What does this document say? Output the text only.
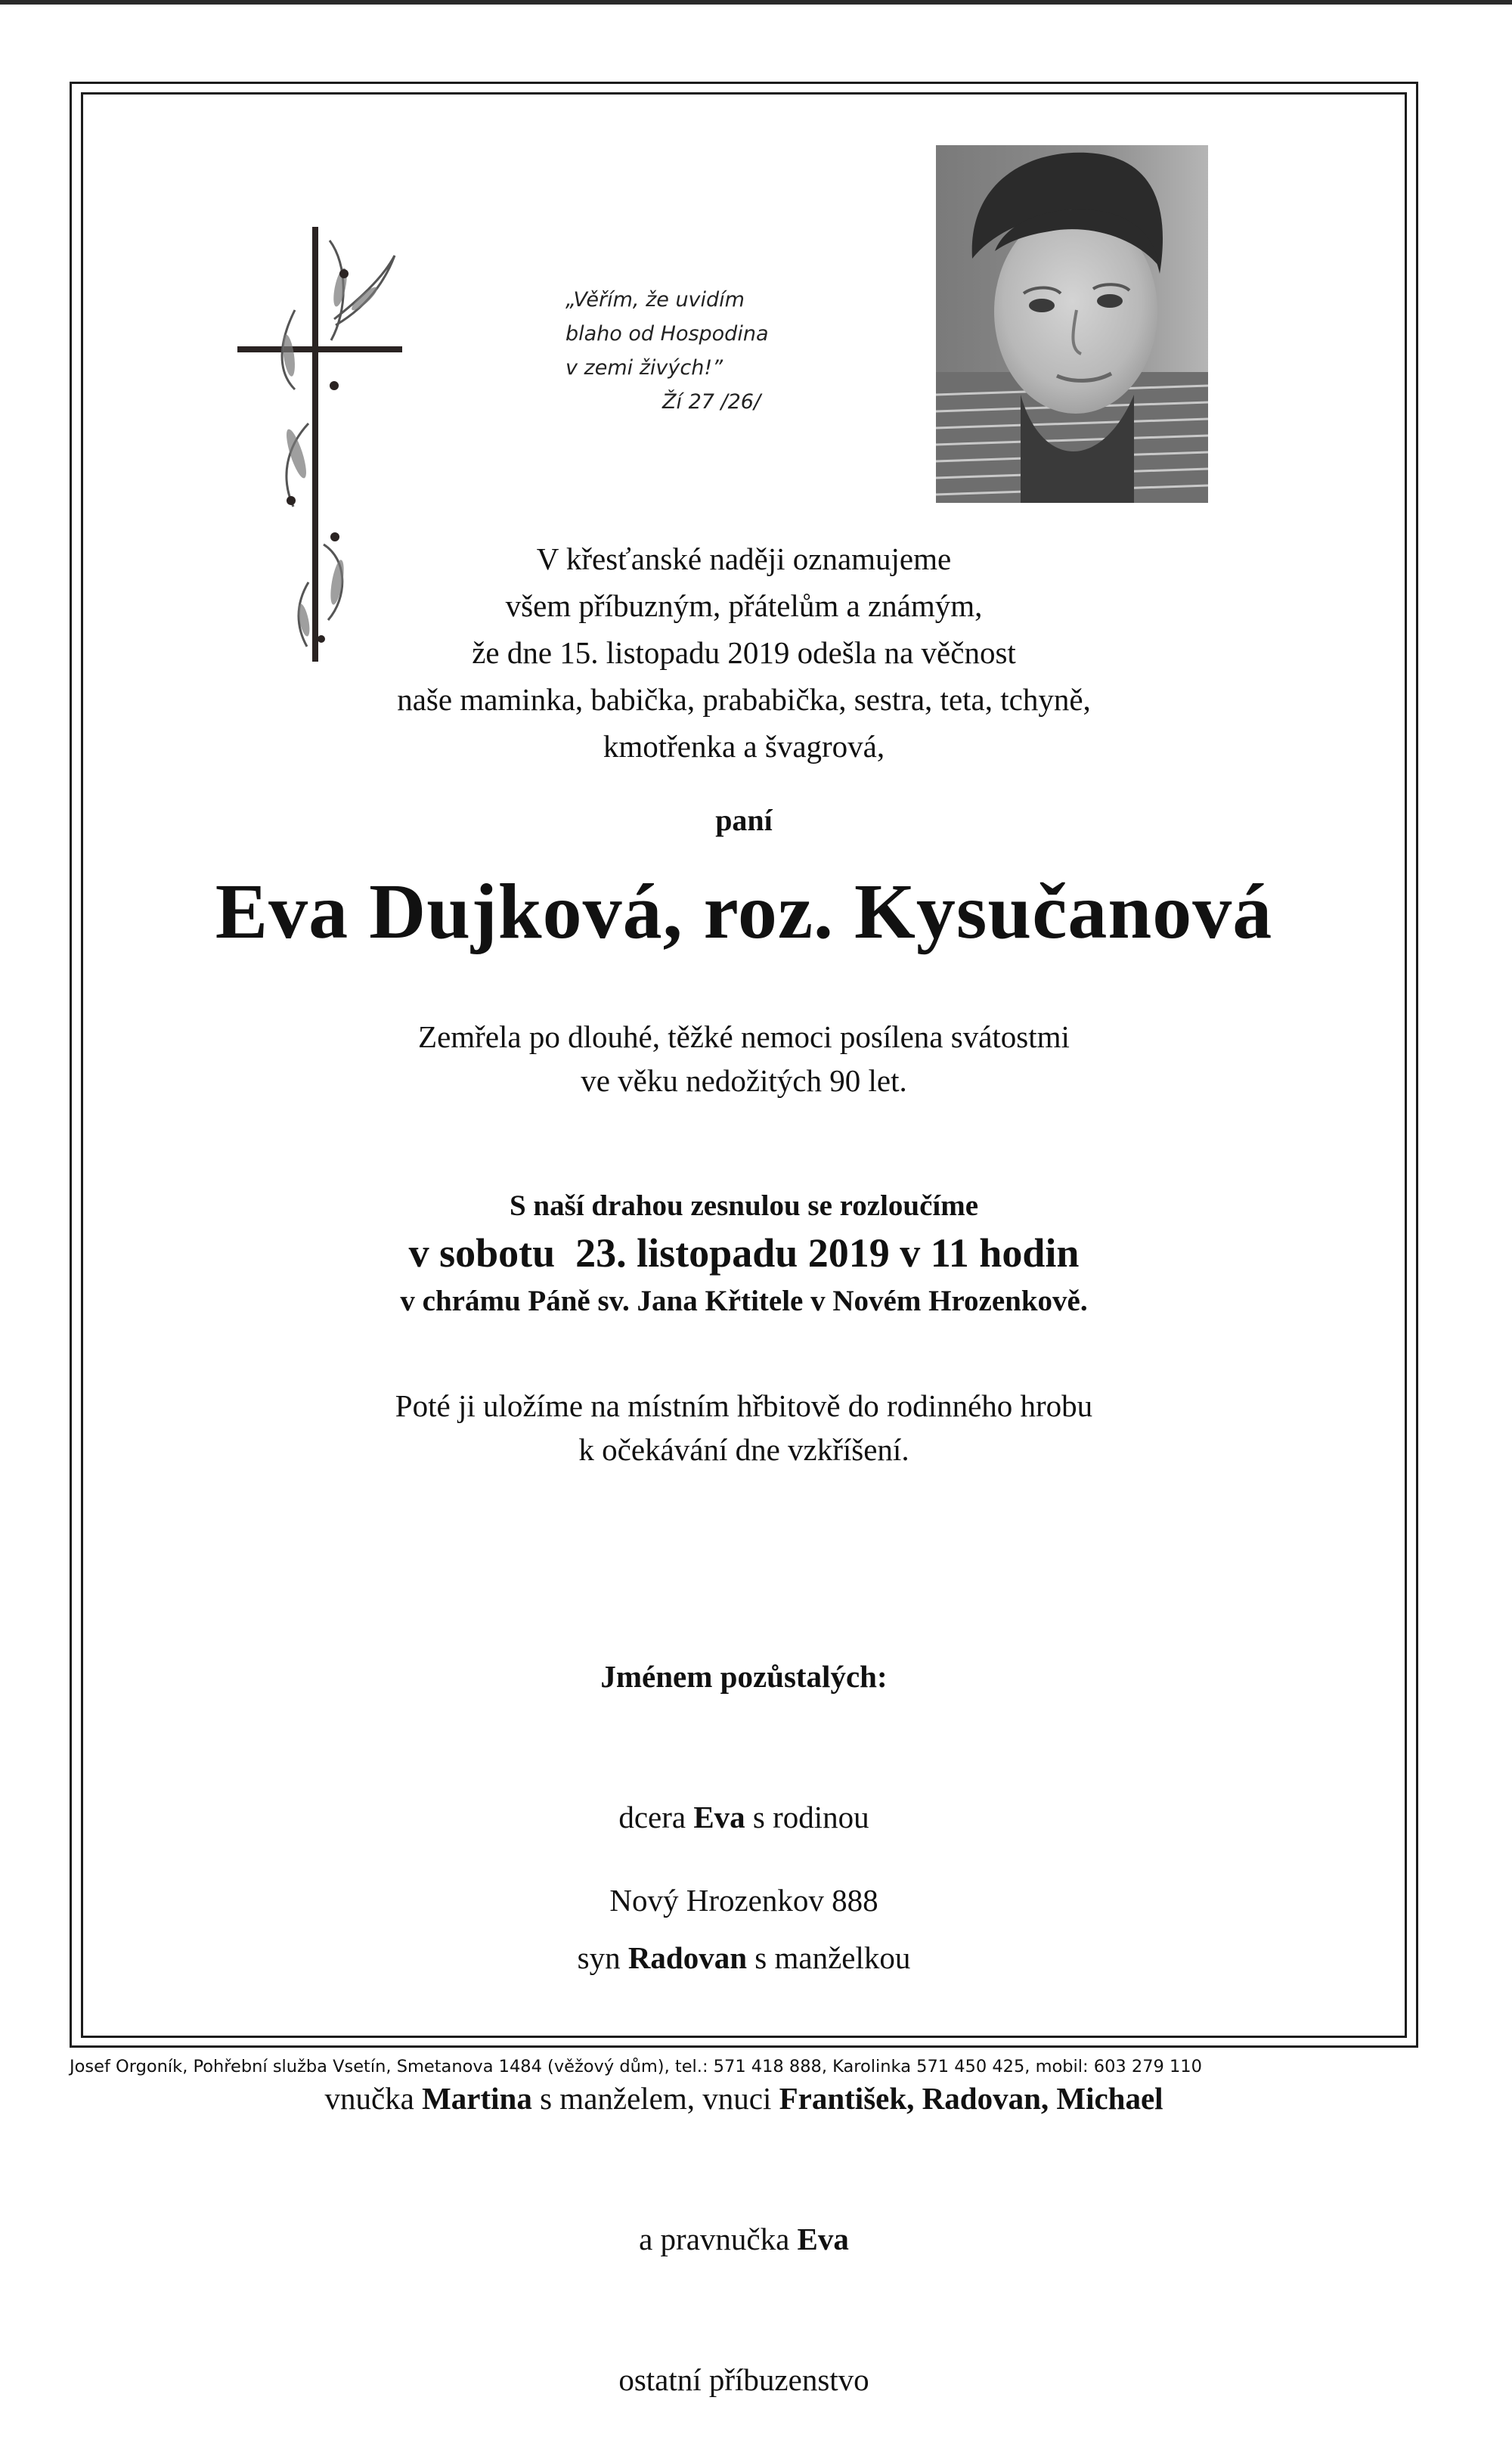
„Věřím, že uvidím
blaho od Hospodina
v zemi živých!”
Ží 27 /26/
V křesťanské naději oznamujeme
všem příbuzným, přátelům a známým,
že dne 15. listopadu 2019 odešla na věčnost
naše maminka, babička, prababička, sestra, teta, tchyně,
kmotřenka a švagrová,
paní
Eva Dujková, roz. Kysučanová
Zemřela po dlouhé, těžké nemoci posílena svátostmi
ve věku nedožitých 90 let.
S naší drahou zesnulou se rozloučíme
v sobotu  23. listopadu 2019 v 11 hodin
v chrámu Páně sv. Jana Křtitele v Novém Hrozenkově.
Poté ji uložíme na místním hřbitově do rodinného hrobu
k očekávání dne vzkříšení.

Jménem pozůstalých:

dcera Eva s rodinou

syn Radovan s manželkou

vnučka Martina s manželem, vnuci František, Radovan, Michael

a pravnučka Eva

ostatní příbuzenstvo

Nový Hrozenkov 888
Josef Orgoník, Pohřební služba Vsetín, Smetanova 1484 (věžový dům), tel.: 571 418 888, Karolinka 571 450 425, mobil: 603 279 110
